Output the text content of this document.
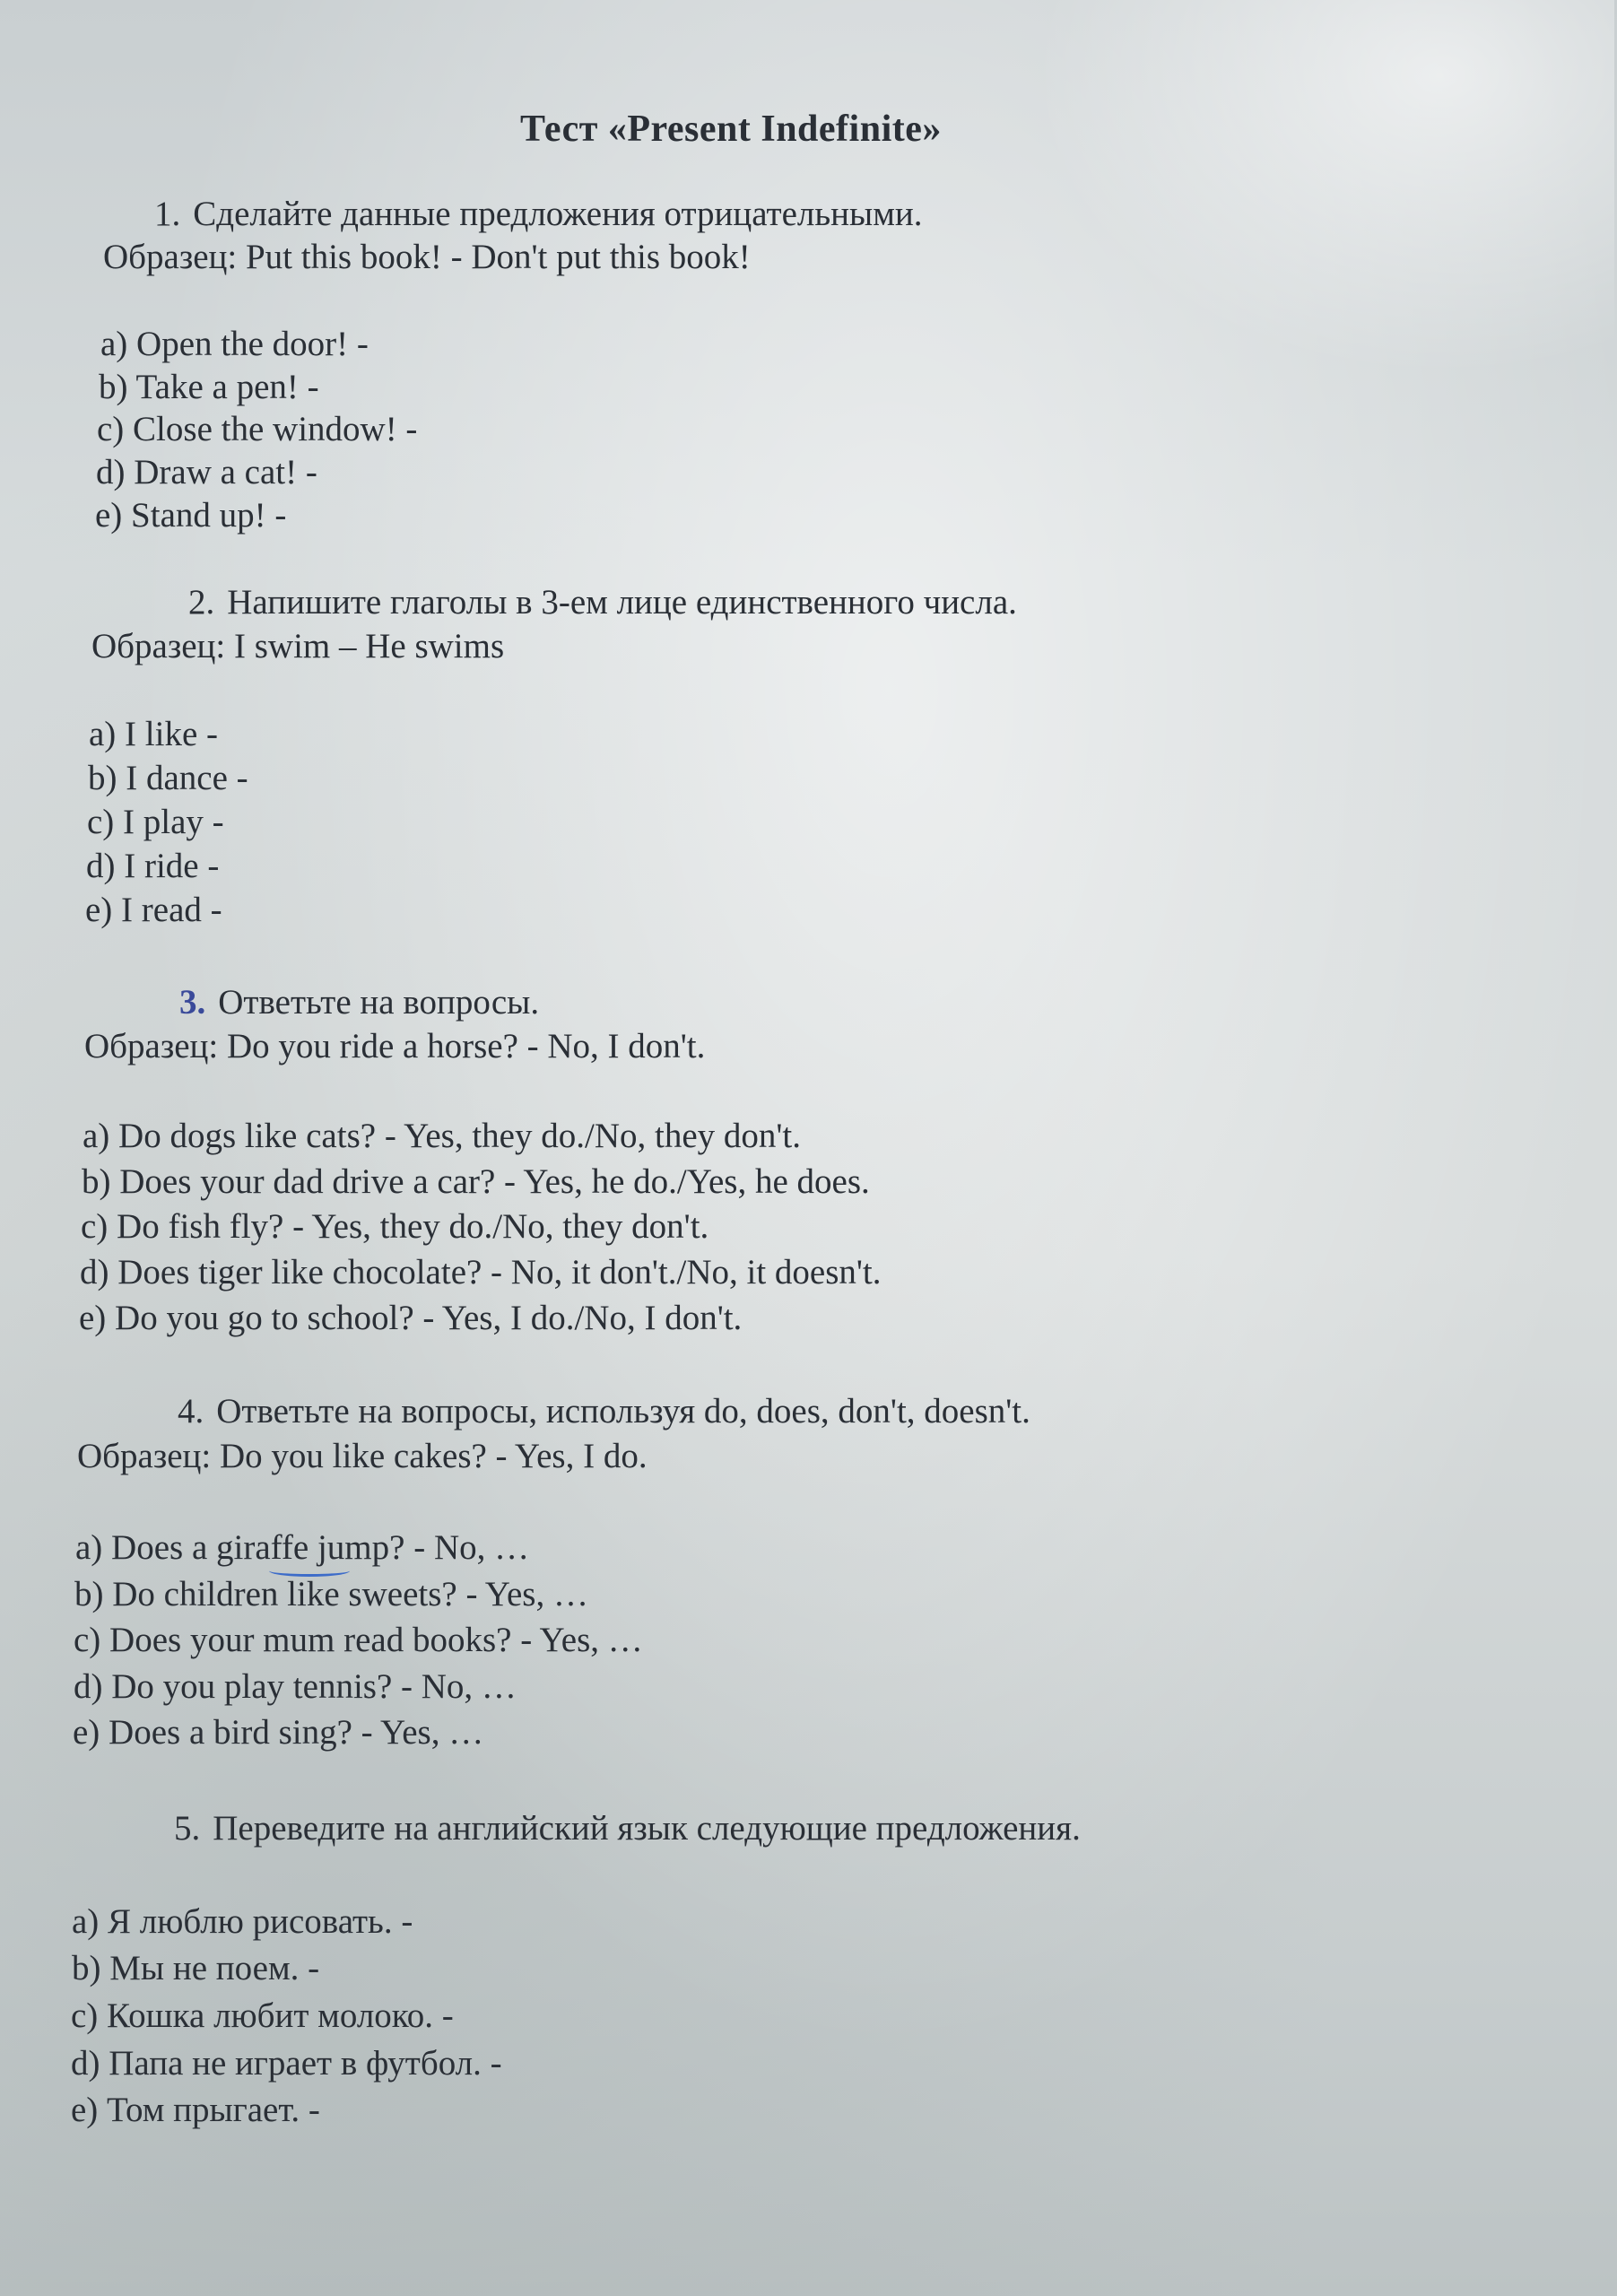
Тест «Present Indefinite»
1. Сделайте данные предложения отрицательными.
Образец: Put this book! - Don't put this book!
a) Open the door! -
b) Take a pen! -
c) Close the window! -
d) Draw a cat! -
e) Stand up! -
2. Напишите глаголы в 3-ем лице единственного числа.
Образец: I swim – He swims
a) I like -
b) I dance -
c) I play -
d) I ride -
e) I read -
3. Ответьте на вопросы.
Образец: Do you ride a horse? - No, I don't.
a) Do dogs like cats? - Yes, they do./No, they don't.
b) Does your dad drive a car? - Yes, he do./Yes, he does.
c) Do fish fly? - Yes, they do./No, they don't.
d) Does tiger like chocolate? - No, it don't./No, it doesn't.
e) Do you go to school? - Yes, I do./No, I don't.
4. Ответьте на вопросы, используя do, does, don't, doesn't.
Образец: Do you like cakes? - Yes, I do.
a) Does a giraffe jump? - No, …
b) Do children like sweets? - Yes, …
c) Does your mum read books? - Yes, …
d) Do you play tennis? - No, …
e) Does a bird sing? - Yes, …
5. Переведите на английский язык следующие предложения.
a) Я люблю рисовать. -
b) Мы не поем. -
c) Кошка любит молоко. -
d) Папа не играет в футбол. -
e) Том прыгает. -
